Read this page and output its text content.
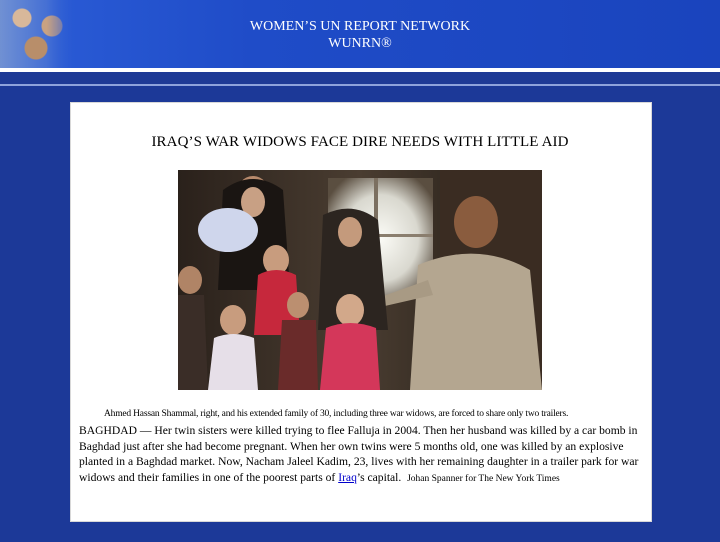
WOMEN’S UN REPORT NETWORK
WUNRN®
IRAQ’S WAR WIDOWS FACE DIRE NEEDS WITH LITTLE AID
Ahmed Hassan Shammal, right, and his extended family of 30, including three war widows, are forced to share only two trailers.
BAGHDAD — Her twin sisters were killed trying to flee Falluja in 2004. Then her husband was killed by a car bomb in Baghdad just after she had become pregnant. When her own twins were 5 months old, one was killed by an explosive planted in a Baghdad market. Now, Nacham Jaleel Kadim, 23, lives with her remaining daughter in a trailer park for war widows and their families in one of the poorest parts of Iraq’s capital. Johan Spanner for The New York Times
